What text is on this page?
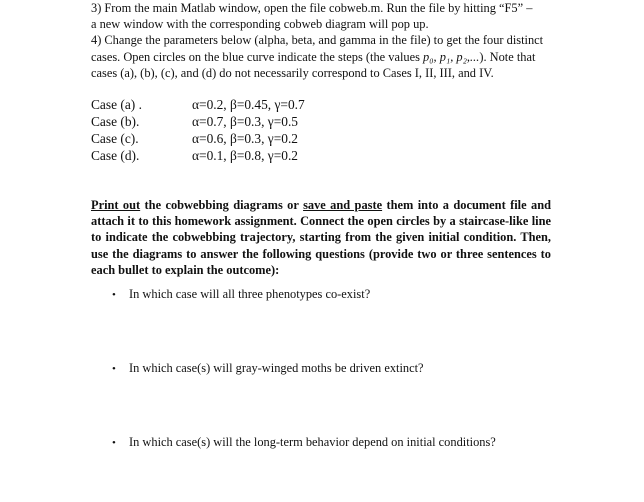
3) From the main Matlab window, open the file cobweb.m. Run the file by hitting “F5” –

a new window with the corresponding cobweb diagram will pop up.

4) Change the parameters below (alpha, beta, and gamma in the file) to get the four distinct

cases. Open circles on the blue curve indicate the steps (the values p₀, p₁, p₂,...). Note that

cases (a), (b), (c), and (d) do not necessarily correspond to Cases I, II, III, and IV.

Case (a) .	α=0.2, β=0.45, γ=0.7
Case (b).	α=0.7, β=0.3, γ=0.5
Case (c).	α=0.6, β=0.3, γ=0.2
Case (d).	α=0.1, β=0.8, γ=0.2
Print out the cobwebbing diagrams or save and paste them into a document file and attach it to this homework assignment. Connect the open circles by a staircase-like line to indicate the cobwebbing trajectory, starting from the given initial condition. Then, use the diagrams to answer the following questions (provide two or three sentences to each bullet to explain the outcome):
•	In which case will all three phenotypes co-exist?
•	In which case(s) will gray-winged moths be driven extinct?
•	In which case(s) will the long-term behavior depend on initial conditions?
